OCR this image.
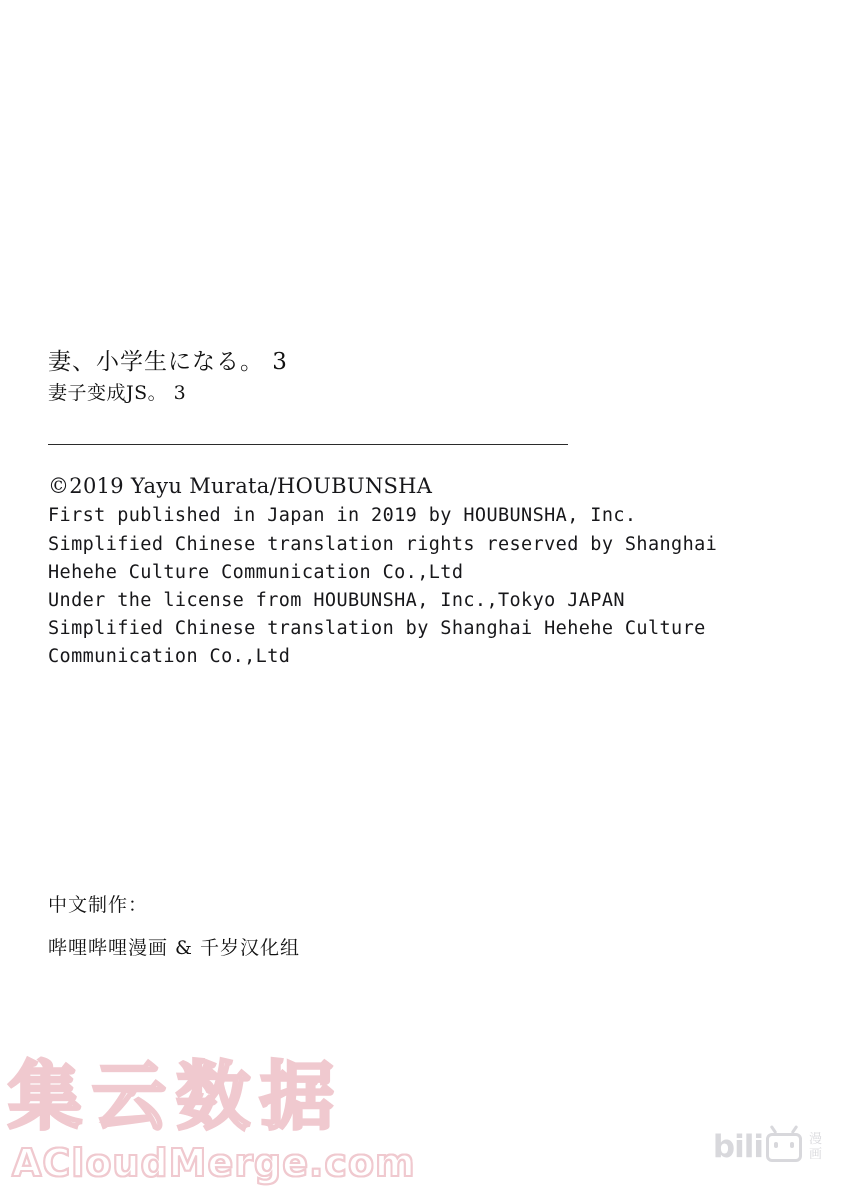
妻、小学生になる。 3
妻子变成JS。 3
©2019 Yayu Murata/HOUBUNSHA
First published in Japan in 2019 by HOUBUNSHA, Inc.
Simplified Chinese translation rights reserved by Shanghai
Hehehe Culture Communication Co.,Ltd
Under the license from HOUBUNSHA, Inc.,Tokyo JAPAN
Simplified Chinese translation by Shanghai Hehehe Culture
Communication Co.,Ltd
中文制作：
哔哩哔哩漫画 & 千岁汉化组
集云数据
ACloudMerge.com	bili	漫
画
